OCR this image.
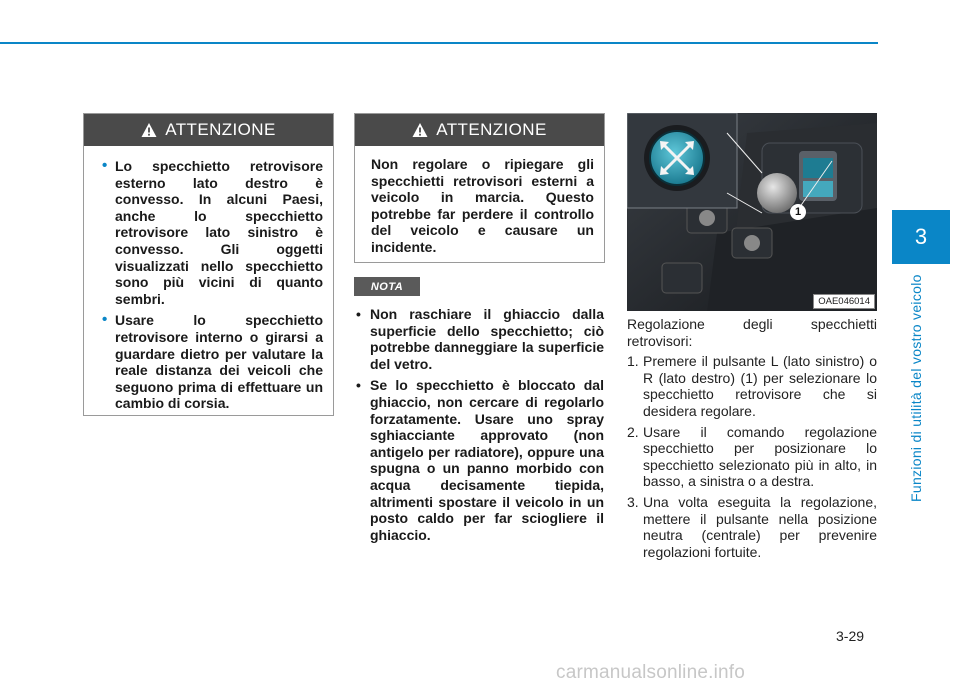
3
Funzioni di utilità del vostro veicolo
ATTENZIONE
• Lo specchietto retrovisore esterno lato destro è convesso. In alcuni Paesi, anche lo specchietto retrovisore lato sinistro è convesso. Gli oggetti visualizzati nello specchietto sono più vicini di quanto sembri.
• Usare lo specchietto retrovisore interno o girarsi a guardare dietro per valutare la reale distanza dei veicoli che seguono prima di effettuare un cambio di corsia.
ATTENZIONE
Non regolare o ripiegare gli specchietti retrovisori esterni a veicolo in marcia. Questo potrebbe far perdere il controllo del veicolo e causare un incidente.
NOTA
• Non raschiare il ghiaccio dalla superficie dello specchietto; ciò potrebbe danneggiare la superficie del vetro.
• Se lo specchietto è bloccato dal ghiaccio, non cercare di regolarlo forzatamente. Usare uno spray sghiacciante approvato (non antigelo per radiatore), oppure una spugna o un panno morbido con acqua decisamente tiepida, altrimenti spostare il veicolo in un posto caldo per far sciogliere il ghiaccio.
1
OAE046014

Regolazione degli specchietti retrovisori:

1. Premere il pulsante L (lato sinistro) o R (lato destro) (1) per selezionare lo specchietto retrovisore che si desidera regolare.
2. Usare il comando regolazione specchietto per posizionare lo specchietto selezionato più in alto, in basso, a sinistra o a destra.
3. Una volta eseguita la regolazione, mettere il pulsante nella posizione neutra (centrale) per prevenire regolazioni fortuite.
3-29
carmanualsonline.info
